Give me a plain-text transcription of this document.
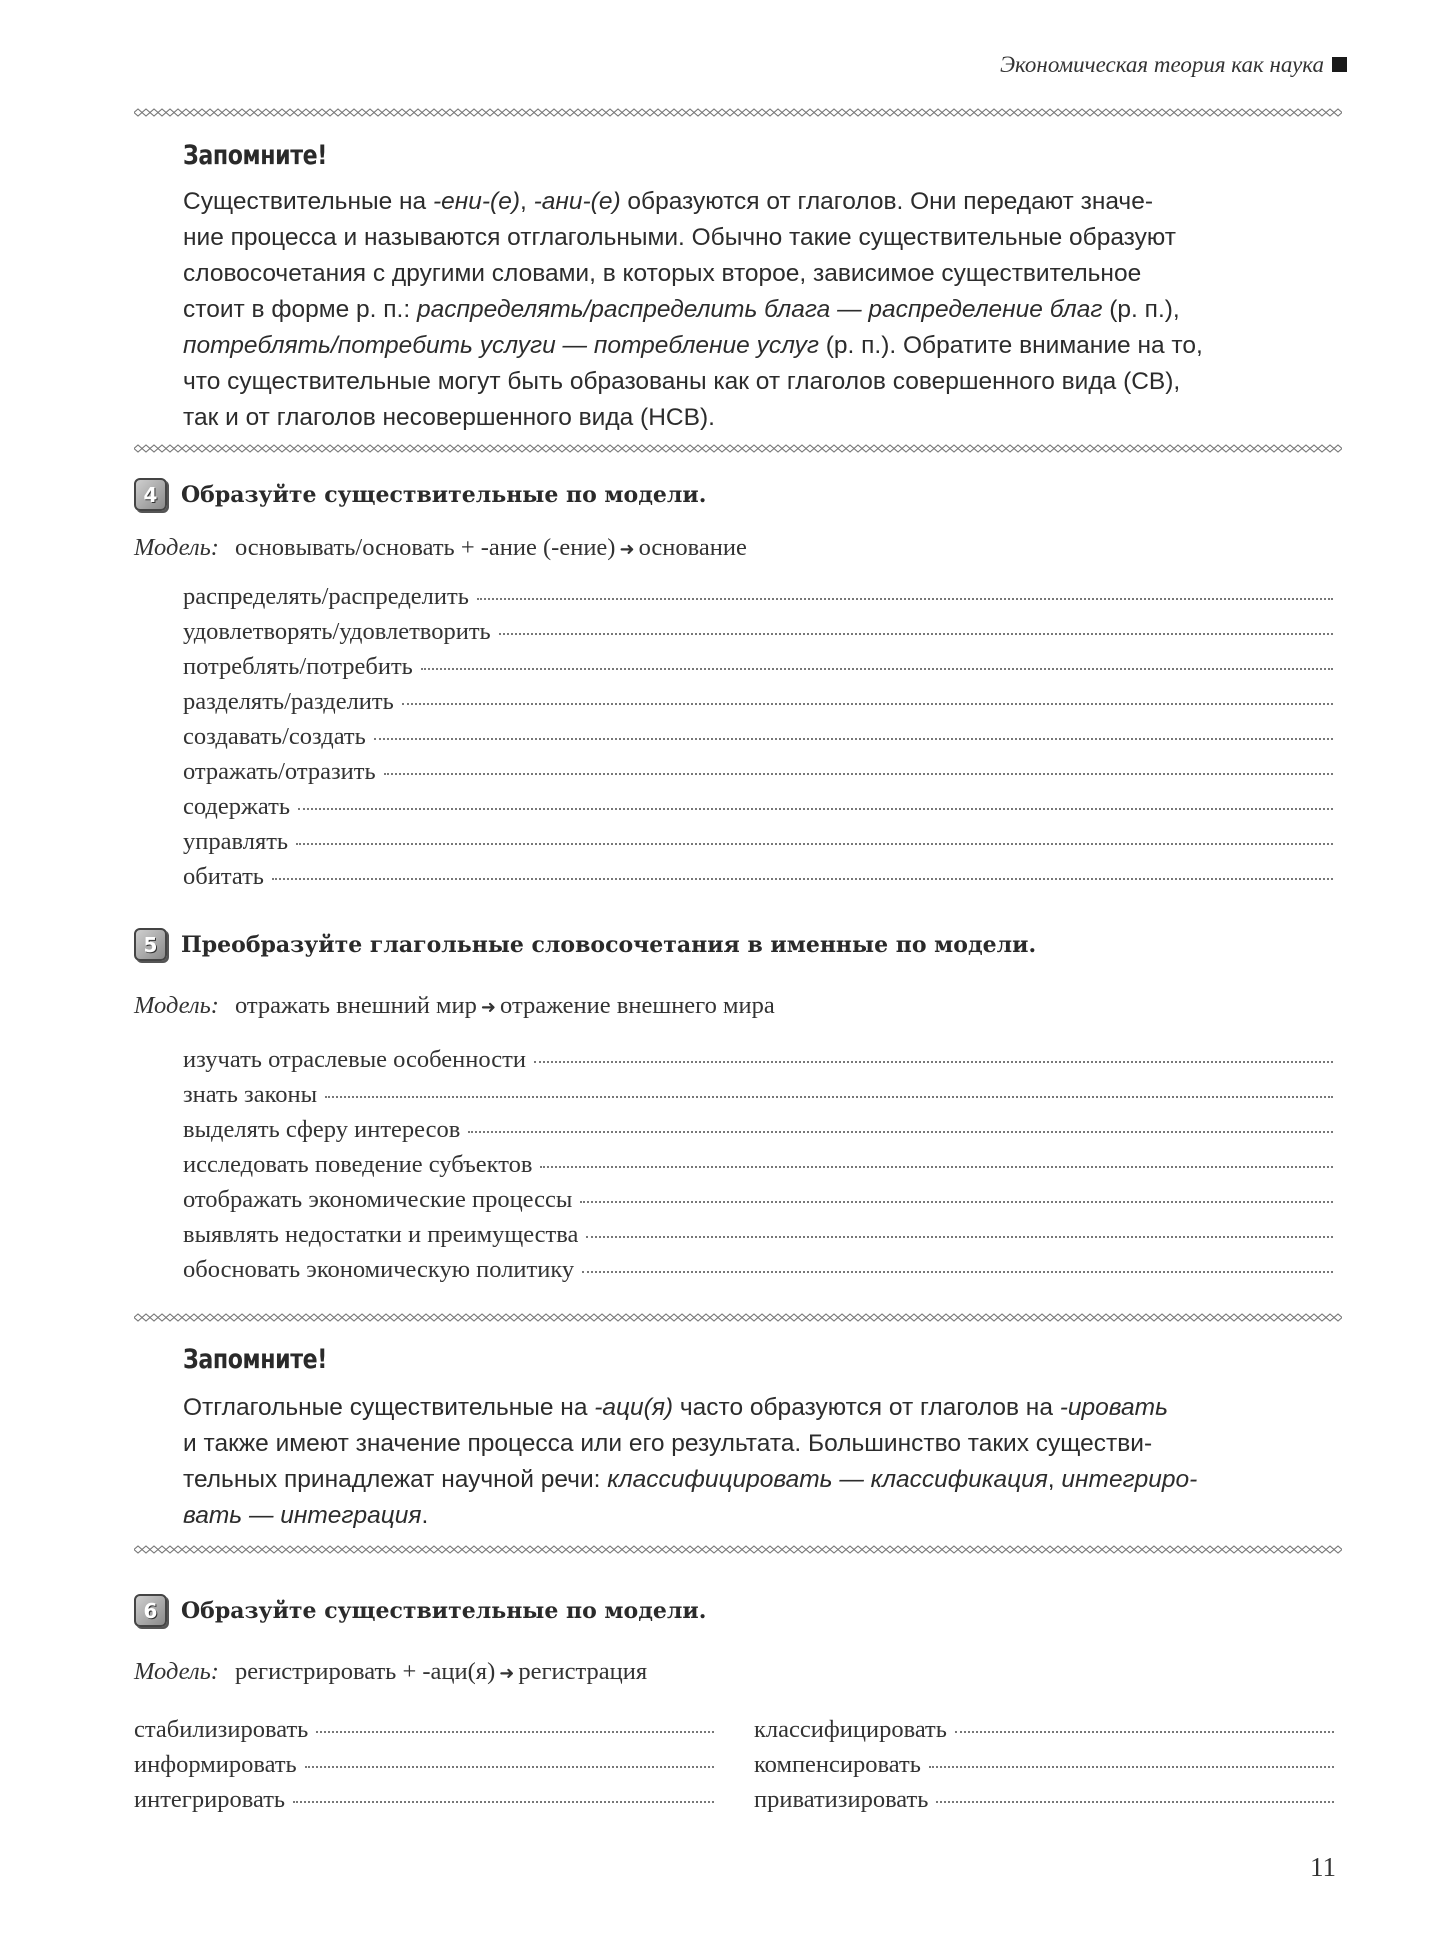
Экономическая теория как наука
Запомните!
Существительные на -ени-(е), -ани-(е) образуются от глаголов. Они передают значе-
ние процесса и называются отглагольными. Обычно такие существительные образуют
словосочетания с другими словами, в которых второе, зависимое существительное
стоит в форме р. п.: распределять/распределить блага — распределение благ (р. п.),
потреблять/потребить услуги — потребление услуг (р. п.). Обратите внимание на то,
что существительные могут быть образованы как от глаголов совершенного вида (СВ),
так и от глаголов несовершенного вида (НСВ).
4	Образуйте существительные по модели.
Модель: основывать/основать + -ание (-ение) ➜ основание
распределять/распределить
удовлетворять/удовлетворить
потреблять/потребить
разделять/разделить
создавать/создать
отражать/отразить
содержать
управлять
обитать
5	Преобразуйте глагольные словосочетания в именные по модели.
Модель: отражать внешний мир ➜ отражение внешнего мира
изучать отраслевые особенности
знать законы
выделять сферу интересов
исследовать поведение субъектов
отображать экономические процессы
выявлять недостатки и преимущества
обосновать экономическую политику
Запомните!
Отглагольные существительные на -аци(я) часто образуются от глаголов на -ировать
и также имеют значение процесса или его результата. Большинство таких существи-
тельных принадлежат научной речи: классифицировать — классификация, интегриро-
вать — интеграция.
6	Образуйте существительные по модели.
Модель: регистрировать + -аци(я) ➜ регистрация
стабилизировать
информировать
интегрировать
классифицировать
компенсировать
приватизировать
11
